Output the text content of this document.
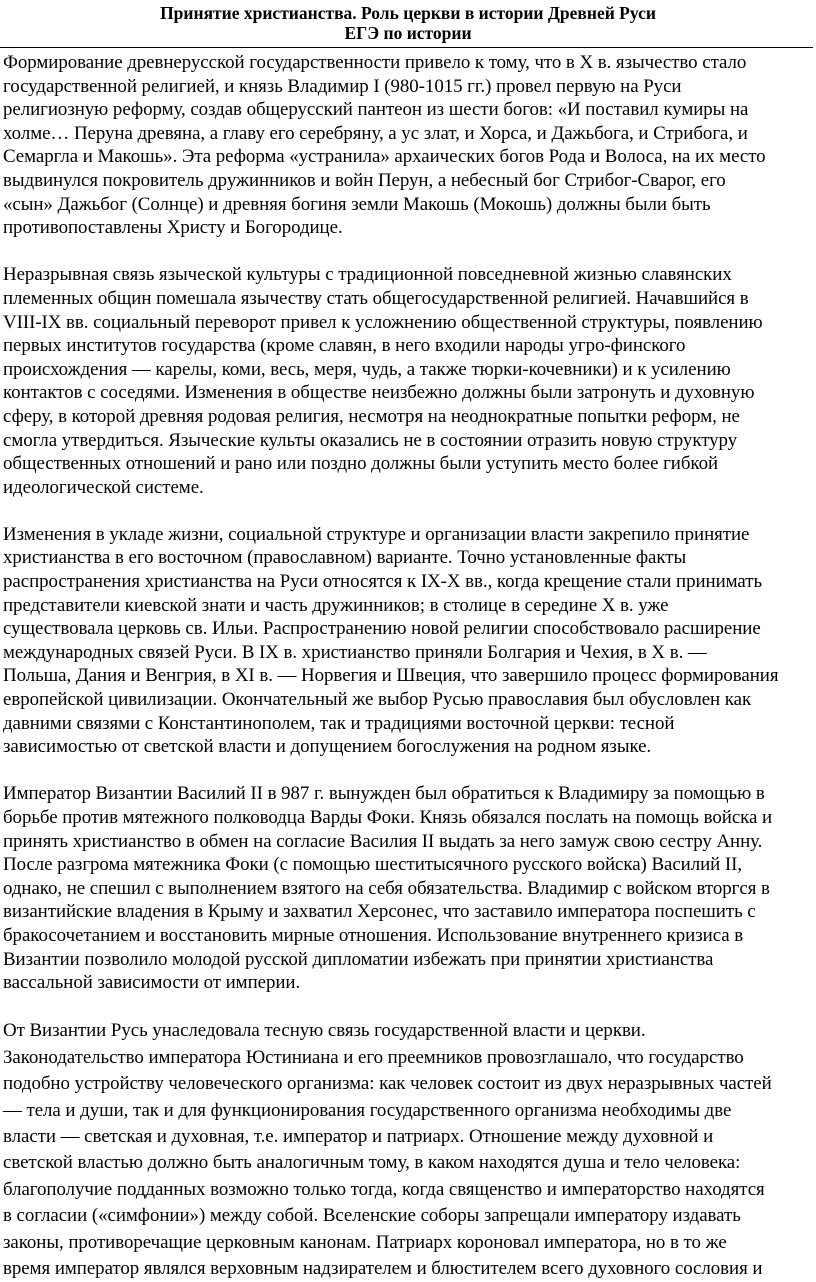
Принятие христианства. Роль церкви в истории Древней Руси
ЕГЭ по истории
Формирование древнерусской государственности привело к тому, что в X в. язычество стало
государственной религией, и князь Владимир I (980-1015 гг.) провел первую на Руси
религиозную реформу, создав общерусский пантеон из шести богов: «И поставил кумиры на
холме… Перуна древяна, а главу его серебряну, а ус злат, и Хорса, и Дажьбога, и Стрибога, и
Семаргла и Макошь». Эта реформа «устранила» архаических богов Рода и Волоса, на их место
выдвинулся покровитель дружинников и войн Перун, а небесный бог Стрибог-Сварог, его
«сын» Дажьбог (Солнце) и древняя богиня земли Макошь (Мокошь) должны были быть
противопоставлены Христу и Богородице.
Неразрывная связь языческой культуры с традиционной повседневной жизнью славянских
племенных общин помешала язычеству стать общегосударственной религией. Начавшийся в
VIII-IX вв. социальный переворот привел к усложнению общественной структуры, появлению
первых институтов государства (кроме славян, в него входили народы угро-финского
происхождения — карелы, коми, весь, меря, чудь, а также тюрки-кочевники) и к усилению
контактов с соседями. Изменения в обществе неизбежно должны были затронуть и духовную
сферу, в которой древняя родовая религия, несмотря на неоднократные попытки реформ, не
смогла утвердиться. Языческие культы оказались не в состоянии отразить новую структуру
общественных отношений и рано или поздно должны были уступить место более гибкой
идеологической системе.
Изменения в укладе жизни, социальной структуре и организации власти закрепило принятие
христианства в его восточном (православном) варианте. Точно установленные факты
распространения христианства на Руси относятся к IX-X вв., когда крещение стали принимать
представители киевской знати и часть дружинников; в столице в середине X в. уже
существовала церковь св. Ильи. Распространению новой религии способствовало расширение
международных связей Руси. В IX в. христианство приняли Болгария и Чехия, в X в. —
Польша, Дания и Венгрия, в XI в. — Норвегия и Швеция, что завершило процесс формирования
европейской цивилизации. Окончательный же выбор Русью православия был обусловлен как
давними связями с Константинополем, так и традициями восточной церкви: тесной
зависимостью от светской власти и допущением богослужения на родном языке.
Император Византии Василий II в 987 г. вынужден был обратиться к Владимиру за помощью в
борьбе против мятежного полководца Варды Фоки. Князь обязался послать на помощь войска и
принять христианство в обмен на согласие Василия II выдать за него замуж свою сестру Анну.
После разгрома мятежника Фоки (с помощью шеститысячного русского войска) Василий II,
однако, не спешил с выполнением взятого на себя обязательства. Владимир с войском вторгся в
византийские владения в Крыму и захватил Херсонес, что заставило императора поспешить с
бракосочетанием и восстановить мирные отношения. Использование внутреннего кризиса в
Византии позволило молодой русской дипломатии избежать при принятии христианства
вассальной зависимости от империи.
От Византии Русь унаследовала тесную связь государственной власти и церкви.
Законодательство императора Юстиниана и его преемников провозглашало, что государство
подобно устройству человеческого организма: как человек состоит из двух неразрывных частей
— тела и души, так и для функционирования государственного организма необходимы две
власти — светская и духовная, т.е. император и патриарх. Отношение между духовной и
светской властью должно быть аналогичным тому, в каком находятся душа и тело человека:
благополучие подданных возможно только тогда, когда священство и императорство находятся
в согласии («симфонии») между собой. Вселенские соборы запрещали императору издавать
законы, противоречащие церковным канонам. Патриарх короновал императора, но в то же
время император являлся верховным надзирателем и блюстителем всего духовного сословия и
